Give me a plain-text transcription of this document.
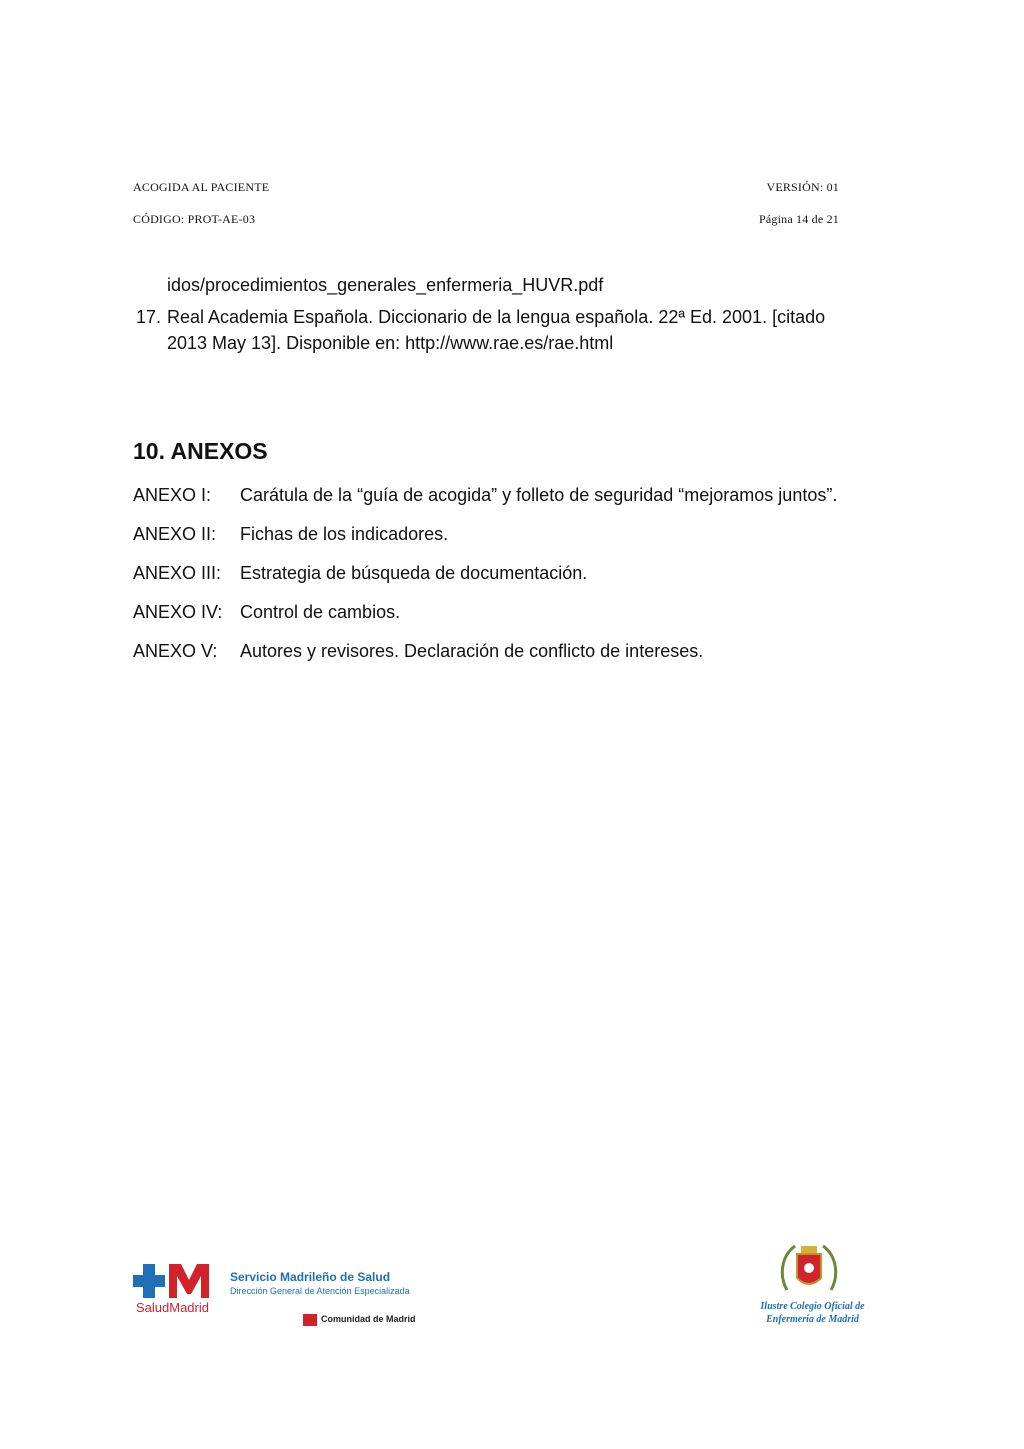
ACOGIDA AL PACIENTE	VERSIÓN: 01
CÓDIGO: PROT-AE-03	Página 14 de 21
idos/procedimientos_generales_enfermeria_HUVR.pdf
17. Real Academia Española. Diccionario de la lengua española. 22ª Ed. 2001. [citado 2013 May 13]. Disponible en: http://www.rae.es/rae.html
10. ANEXOS
ANEXO I:	Carátula de la “guía de acogida” y folleto de seguridad “mejoramos juntos”.
ANEXO II:	Fichas de los indicadores.
ANEXO III:	Estrategia de búsqueda de documentación.
ANEXO IV: Control de cambios.
ANEXO V:	Autores y revisores. Declaración de conflicto de intereses.
SaludMadrid
Servicio Madrileño de Salud
Dirección General de Atención Especializada
Comunidad de Madrid
Ilustre Colegio Oficial de
Enfermería de Madrid
